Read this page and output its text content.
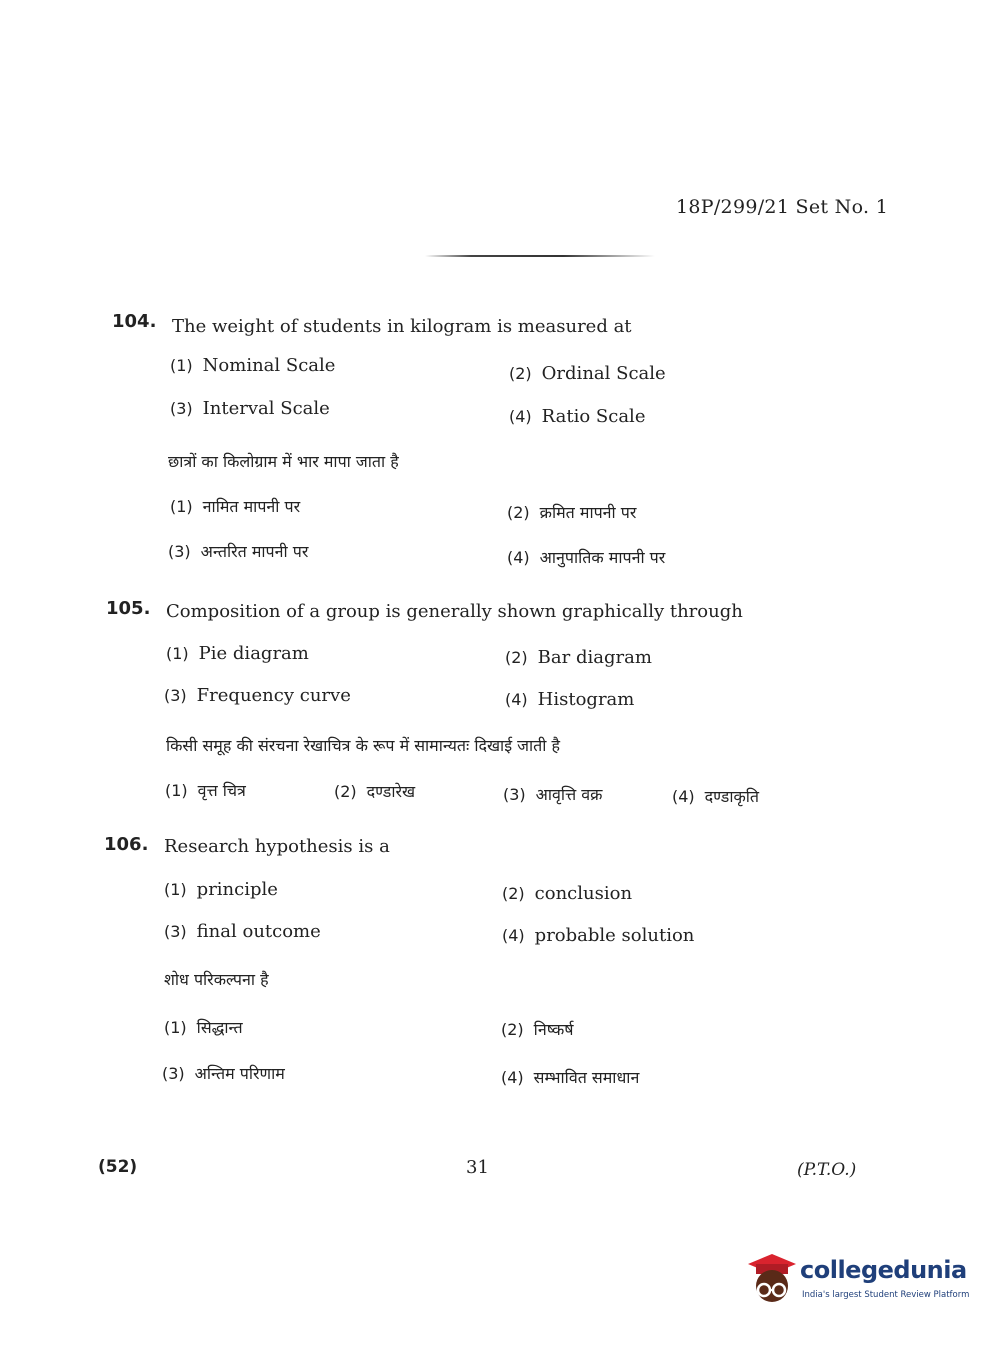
18P/299/21 Set No. 1
104. The weight of students in kilogram is measured at
(1) Nominal Scale	(2) Ordinal Scale
(3) Interval Scale	(4) Ratio Scale
छात्रों का किलोग्राम में भार मापा जाता है
(1) नामित मापनी पर	(2) क्रमित मापनी पर
(3) अन्तरित मापनी पर	(4) आनुपातिक मापनी पर
105. Composition of a group is generally shown graphically through
(1) Pie diagram	(2) Bar diagram
(3) Frequency curve	(4) Histogram
किसी समूह की संरचना रेखाचित्र के रूप में सामान्यतः दिखाई जाती है
(1) वृत्त चित्र	(2) दण्डारेख	(3) आवृत्ति वक्र	(4) दण्डाकृति
106. Research hypothesis is a
(1) principle	(2) conclusion
(3) final outcome	(4) probable solution
शोध परिकल्पना है
(1) सिद्धान्त	(2) निष्कर्ष
(3) अन्तिम परिणाम	(4) सम्भावित समाधान
(52)	31	(P.T.O.)
collegedunia
India's largest Student Review Platform
